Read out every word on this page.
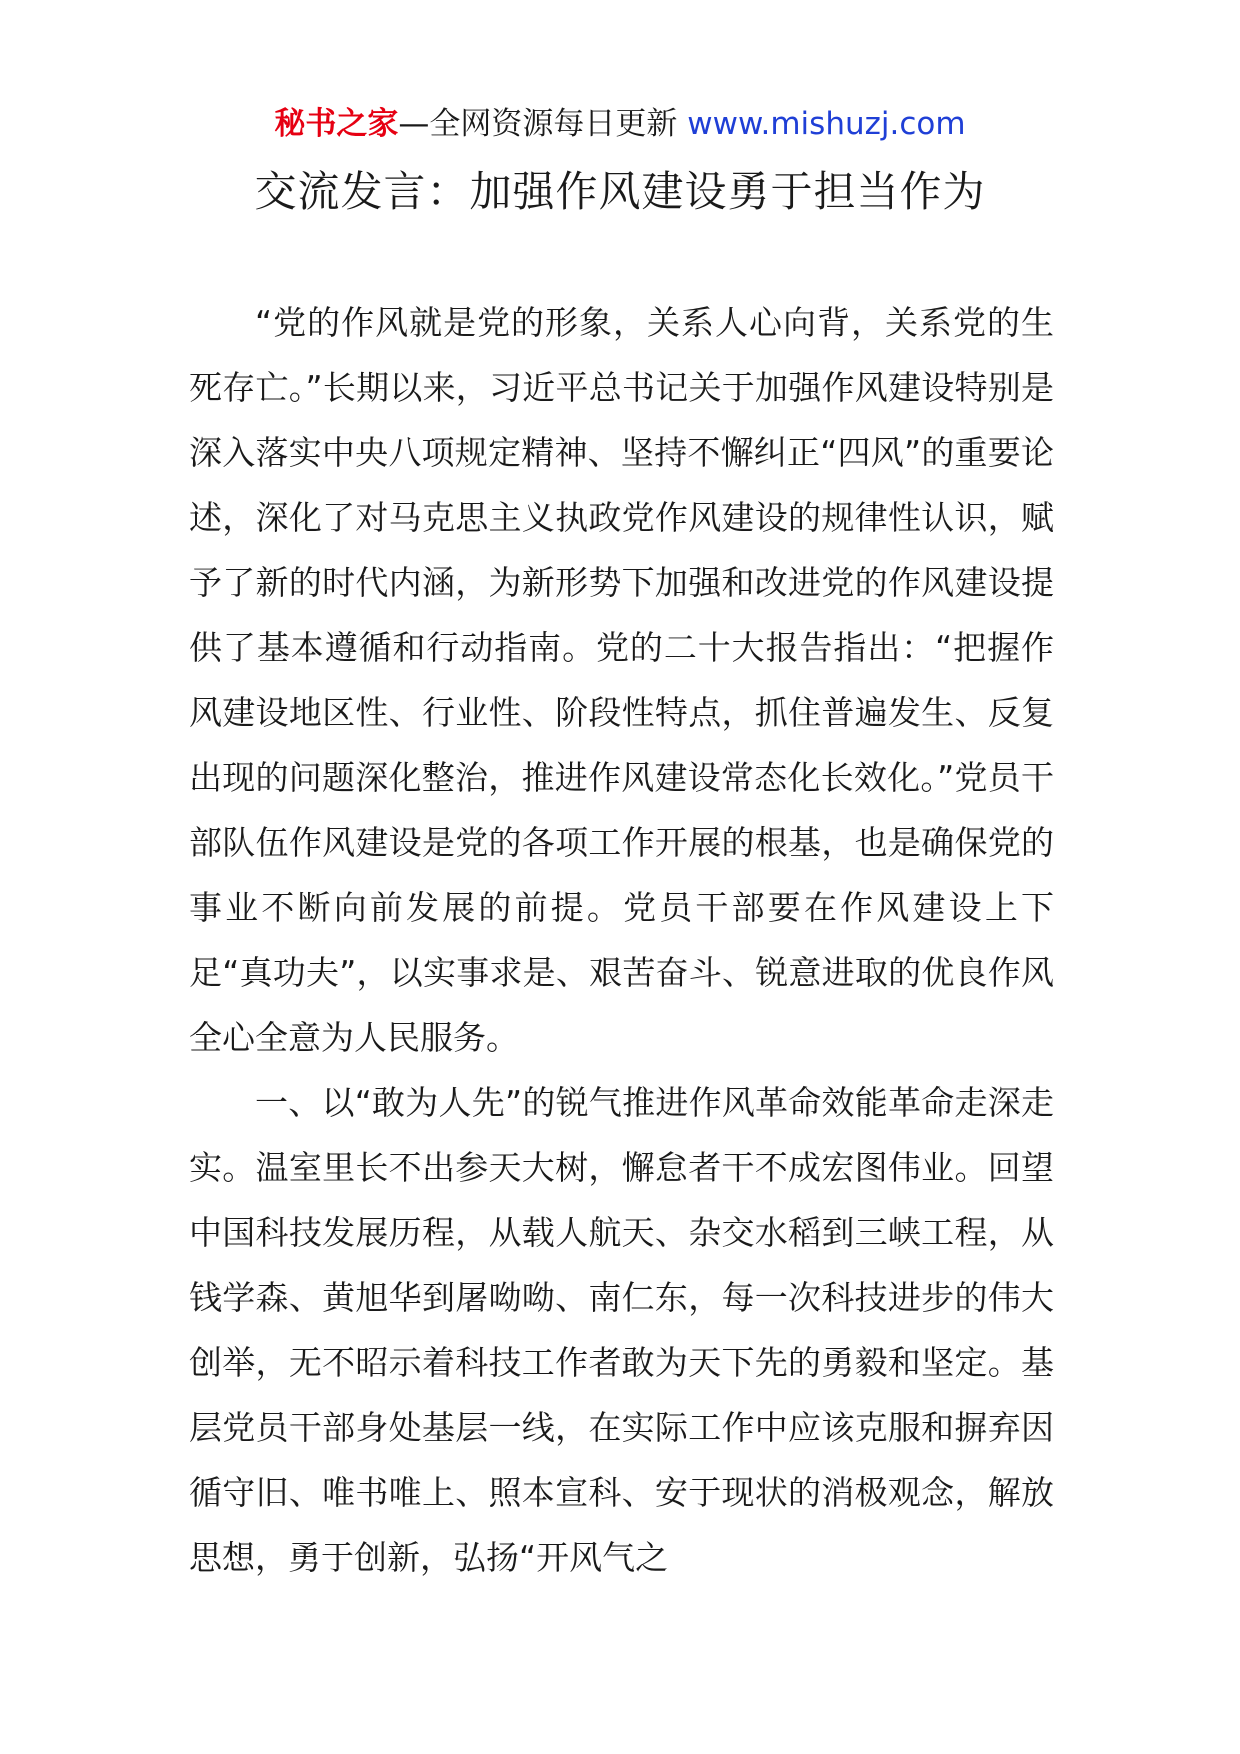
秘书之家—全网资源每日更新 www.mishuzj.com
交流发言：加强作风建设勇于担当作为

“党的作风就是党的形象，关系人心向背，关系党的生死存亡。”长期以来，习近平总书记关于加强作风建设特别是深入落实中央八项规定精神、坚持不懈纠正“四风”的重要论述，深化了对马克思主义执政党作风建设的规律性认识，赋予了新的时代内涵，为新形势下加强和改进党的作风建设提供了基本遵循和行动指南。党的二十大报告指出：“把握作风建设地区性、行业性、阶段性特点，抓住普遍发生、反复出现的问题深化整治，推进作风建设常态化长效化。”党员干部队伍作风建设是党的各项工作开展的根基，也是确保党的事业不断向前发展的前提。党员干部要在作风建设上下足“真功夫”，以实事求是、艰苦奋斗、锐意进取的优良作风全心全意为人民服务。

一、以“敢为人先”的锐气推进作风革命效能革命走深走实。温室里长不出参天大树，懈怠者干不成宏图伟业。回望中国科技发展历程，从载人航天、杂交水稻到三峡工程，从钱学森、黄旭华到屠呦呦、南仁东，每一次科技进步的伟大创举，无不昭示着科技工作者敢为天下先的勇毅和坚定。基层党员干部身处基层一线，在实际工作中应该克服和摒弃因循守旧、唯书唯上、照本宣科、安于现状的消极观念，解放思想，勇于创新，弘扬“开风气之
